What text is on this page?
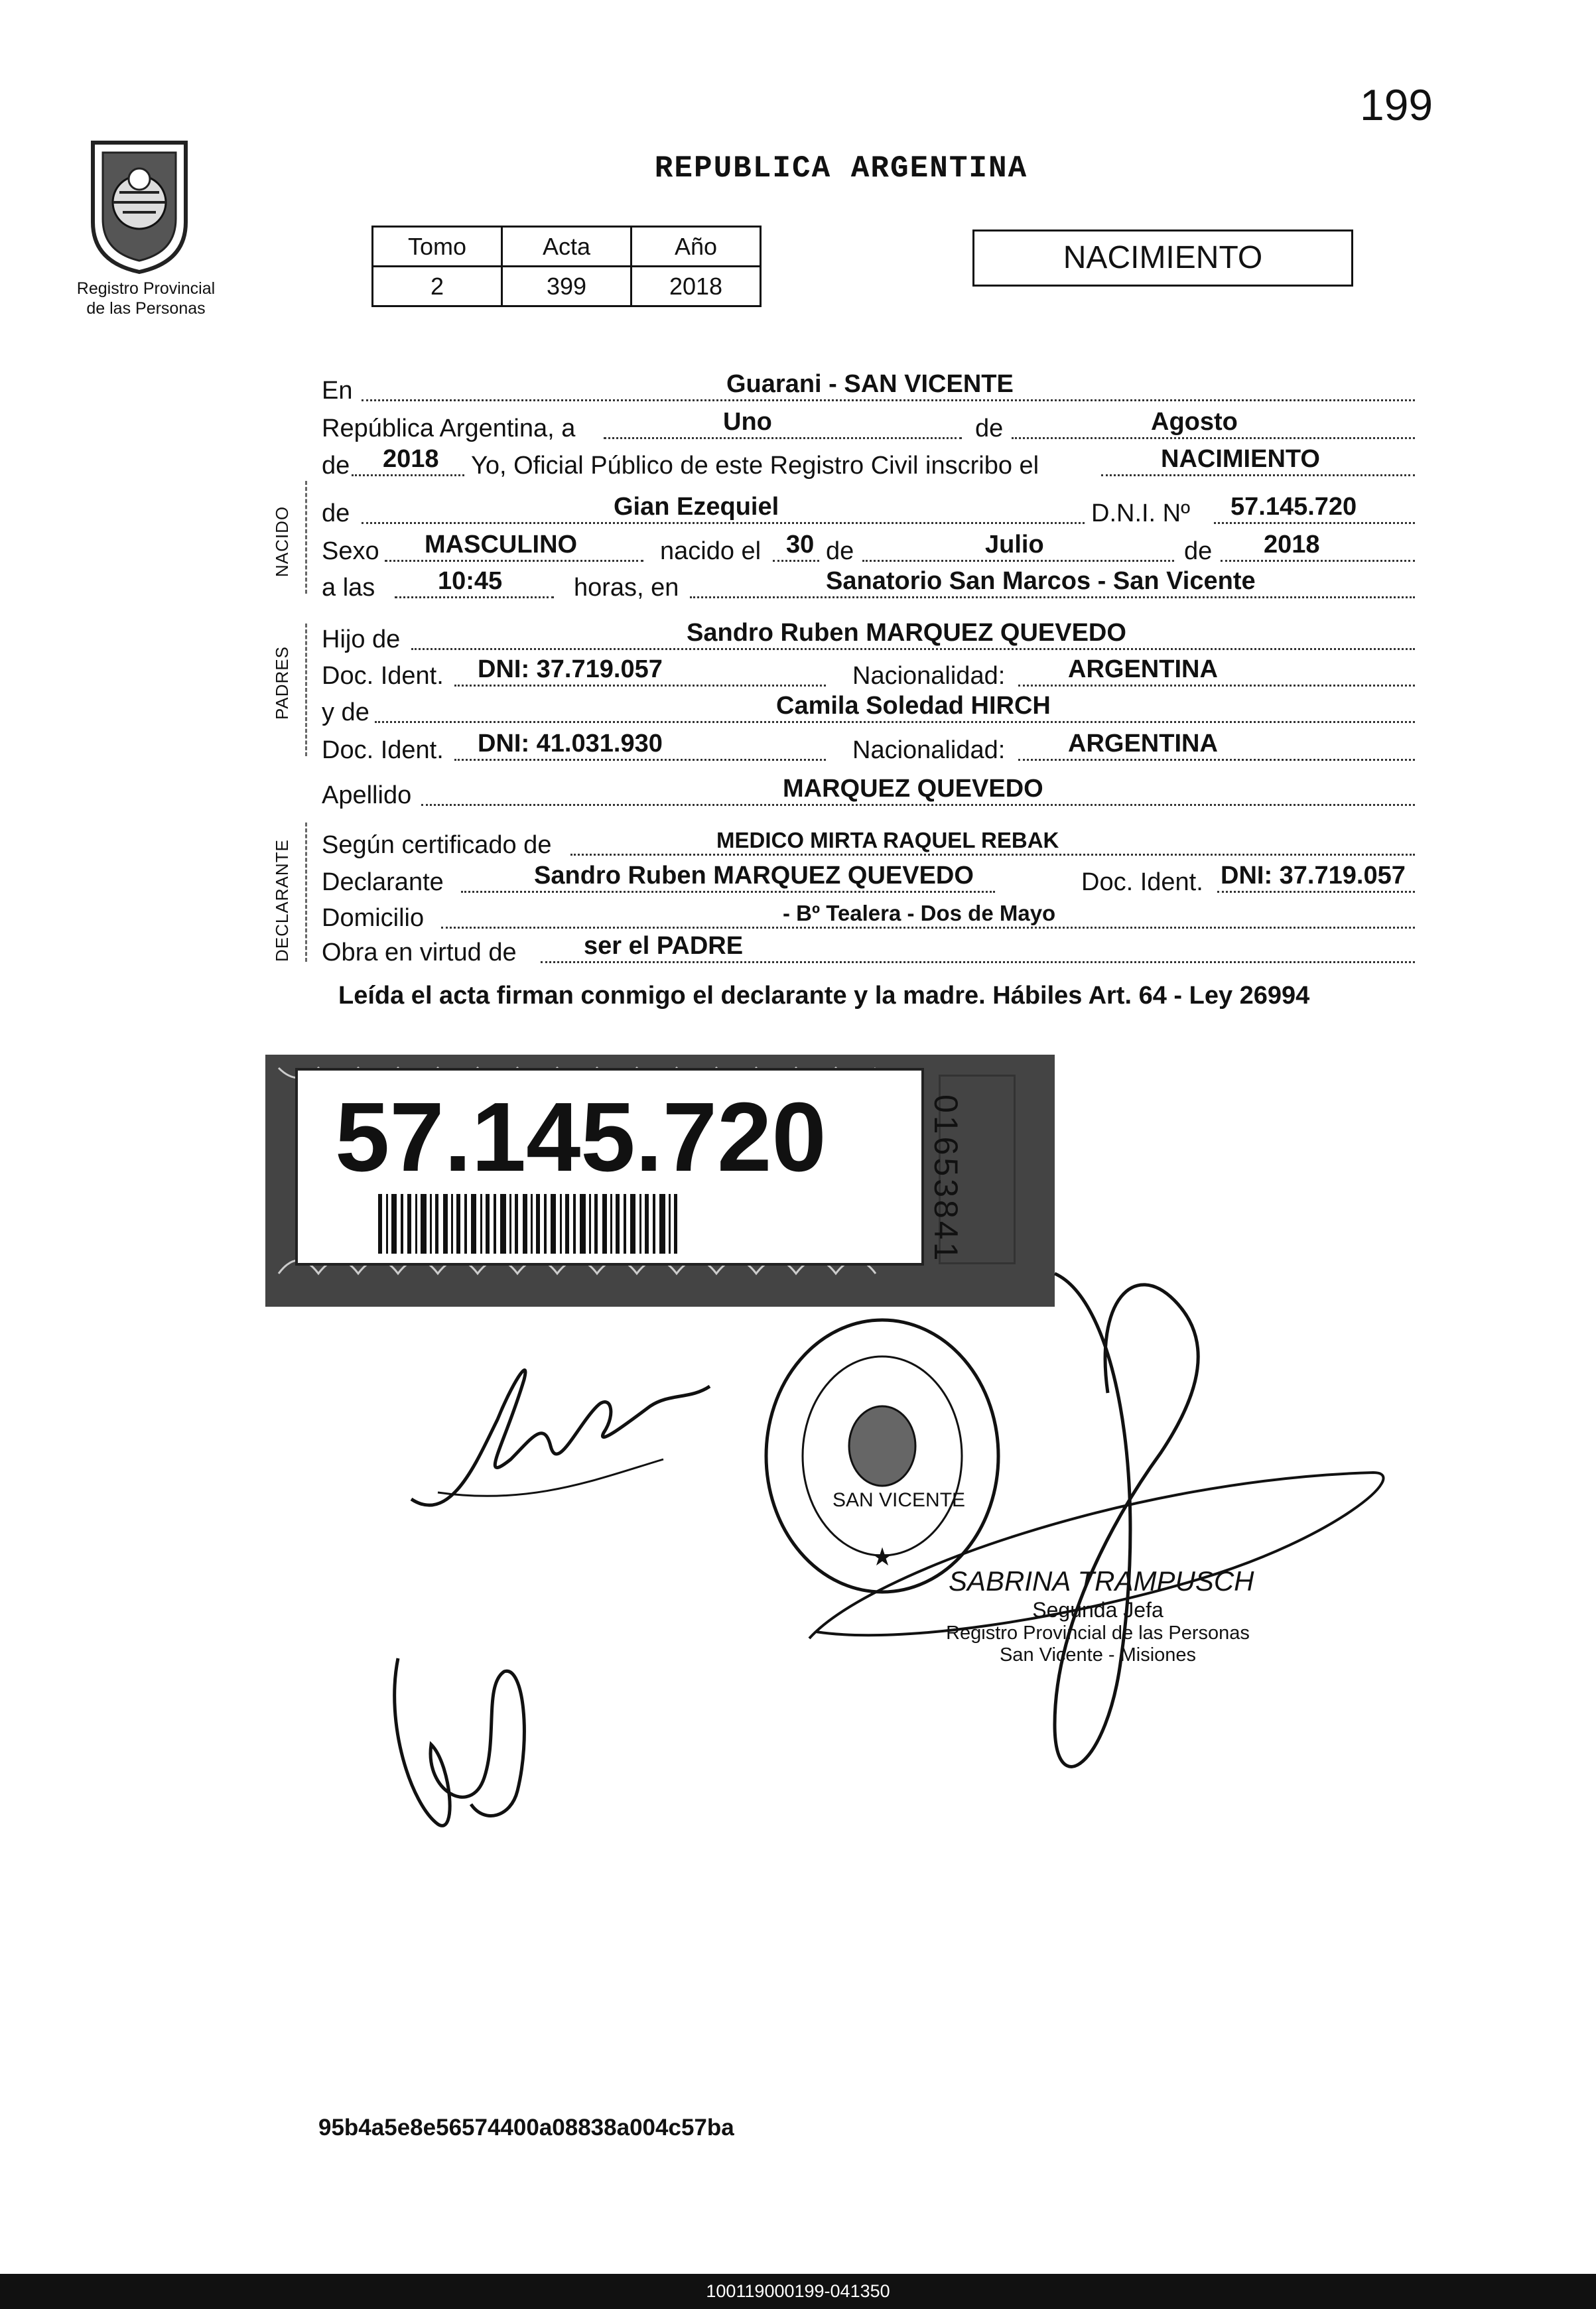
199
Registro Provincial
de las Personas
REPUBLICA ARGENTINA
Tomo	Acta	Año
2	399	2018
NACIMIENTO
NACIDO
PADRES
DECLARANTE
En	Guarani - SAN VICENTE
República Argentina, a	Uno	de	Agosto
de 2018 Yo, Oficial Público de este Registro Civil inscribo el	NACIMIENTO
de	Gian Ezequiel	D.N.I. Nº 57.145.720
Sexo MASCULINO	nacido el 30 de	Julio	de 2018
a las 10:45	horas, en	Sanatorio San Marcos - San Vicente
Hijo de	Sandro Ruben MARQUEZ QUEVEDO
Doc. Ident. DNI: 37.719.057	Nacionalidad: ARGENTINA
y de	Camila Soledad HIRCH
Doc. Ident. DNI: 41.031.930	Nacionalidad: ARGENTINA
Apellido	MARQUEZ QUEVEDO
Según certificado de	MEDICO MIRTA RAQUEL REBAK
Declarante	Sandro Ruben MARQUEZ QUEVEDO	Doc. Ident. DNI: 37.719.057
Domicilio	- Bº Tealera - Dos de Mayo
Obra en virtud de	ser el PADRE
Leída el acta firman conmigo el declarante y la madre. Hábiles Art. 64 - Ley 26994
57.145.720	01653841
★
SAN VICENTE
SABRINA TRAMPUSCH
Segunda Jefa
Registro Provincial de las Personas
San Vicente - Misiones
95b4a5e8e56574400a08838a004c57ba
100119000199-041350
